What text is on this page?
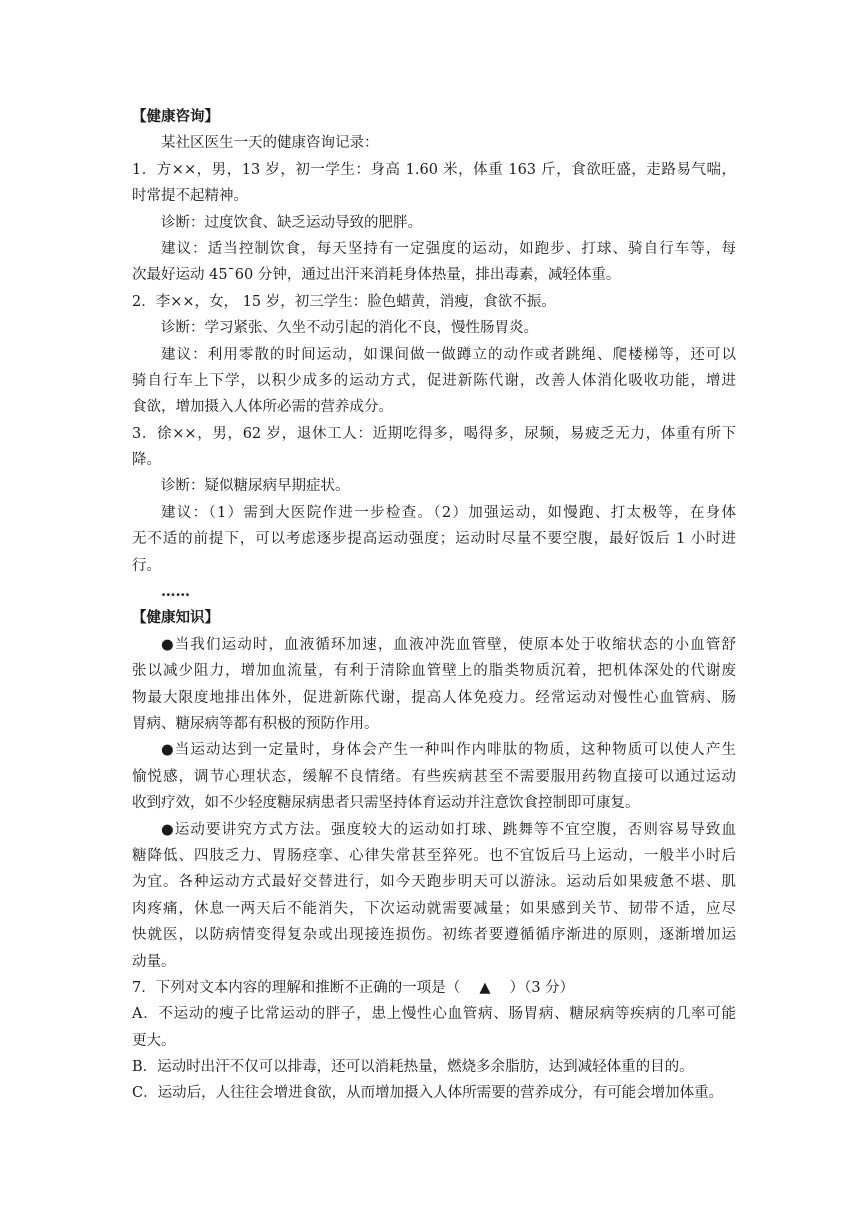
【健康咨询】
某社区医生一天的健康咨询记录：
1．方××，男，13 岁，初一学生：身高 1.60 米，体重 163 斤，食欲旺盛，走路易气喘，
时常提不起精神。
诊断：过度饮食、缺乏运动导致的肥胖。
建议：适当控制饮食，每天坚持有一定强度的运动，如跑步、打球、骑自行车等，每
次最好运动 45¯60 分钟，通过出汗来消耗身体热量，排出毒素，减轻体重。
2．李××，女， 15 岁，初三学生：脸色蜡黄，消瘦，食欲不振。
诊断：学习紧张、久坐不动引起的消化不良，慢性肠胃炎。
建议：利用零散的时间运动，如课间做一做蹲立的动作或者跳绳、爬楼梯等，还可以
骑自行车上下学，以积少成多的运动方式，促进新陈代谢，改善人体消化吸收功能，增进
食欲，增加摄入人体所必需的营养成分。
3．徐××，男，62 岁，退休工人：近期吃得多，喝得多，尿频，易疲乏无力，体重有所下
降。
诊断：疑似糖尿病早期症状。
建议：（1）需到大医院作进一步检查。（2）加强运动，如慢跑、打太极等，在身体
无不适的前提下，可以考虑逐步提高运动强度；运动时尽量不要空腹，最好饭后 1 小时进
行。
……
【健康知识】
●当我们运动时，血液循环加速，血液冲洗血管壁，使原本处于收缩状态的小血管舒
张以减少阻力，增加血流量，有利于清除血管壁上的脂类物质沉着，把机体深处的代谢废
物最大限度地排出体外，促进新陈代谢，提高人体免疫力。经常运动对慢性心血管病、肠
胃病、糖尿病等都有积极的预防作用。
●当运动达到一定量时，身体会产生一种叫作内啡肽的物质，这种物质可以使人产生
愉悦感，调节心理状态，缓解不良情绪。有些疾病甚至不需要服用药物直接可以通过运动
收到疗效，如不少轻度糖尿病患者只需坚持体育运动并注意饮食控制即可康复。
●运动要讲究方式方法。强度较大的运动如打球、跳舞等不宜空腹，否则容易导致血
糖降低、四肢乏力、胃肠痉挛、心律失常甚至猝死。也不宜饭后马上运动，一般半小时后
为宜。各种运动方式最好交替进行，如今天跑步明天可以游泳。运动后如果疲惫不堪、肌
肉疼痛，休息一两天后不能消失，下次运动就需要减量；如果感到关节、韧带不适，应尽
快就医，以防病情变得复杂或出现接连损伤。初练者要遵循循序渐进的原则，逐渐增加运
动量。
7．下列对文本内容的理解和推断不正确的一项是（　 ▲　 ）（3 分）
A．不运动的瘦子比常运动的胖子，患上慢性心血管病、肠胃病、糖尿病等疾病的几率可能
更大。
B．运动时出汗不仅可以排毒，还可以消耗热量，燃烧多余脂肪，达到减轻体重的目的。
C．运动后，人往往会增进食欲，从而增加摄入人体所需要的营养成分，有可能会增加体重。
